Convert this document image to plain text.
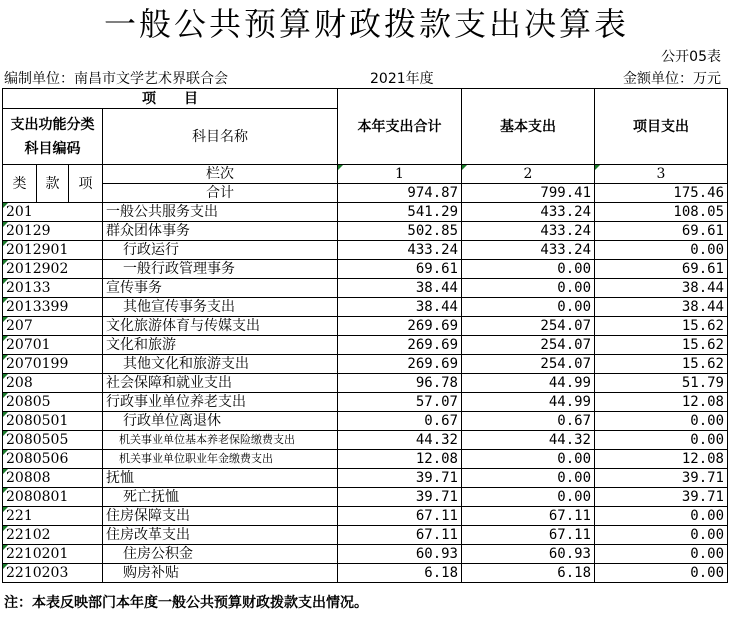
一般公共预算财政拨款支出决算表
公开05表
编制单位：南昌市文学艺术界联合会	2021年度	金额单位：万元
项　　目				本年支出合计	基本支出	项目支出
支出功能分类科目编码			科目名称			
类	款	项	栏次	1	2	3
			合计	974.87	799.41	175.46
201			一般公共服务支出	541.29	433.24	108.05
20129			群众团体事务	502.85	433.24	69.61
2012901			行政运行	433.24	433.24	0.00
2012902			一般行政管理事务	69.61	0.00	69.61
20133			宣传事务	38.44	0.00	38.44
2013399			其他宣传事务支出	38.44	0.00	38.44
207			文化旅游体育与传媒支出	269.69	254.07	15.62
20701			文化和旅游	269.69	254.07	15.62
2070199			其他文化和旅游支出	269.69	254.07	15.62
208			社会保障和就业支出	96.78	44.99	51.79
20805			行政事业单位养老支出	57.07	44.99	12.08
2080501			行政单位离退休	0.67	0.67	0.00
2080505			机关事业单位基本养老保险缴费支出	44.32	44.32	0.00
2080506			机关事业单位职业年金缴费支出	12.08	0.00	12.08
20808			抚恤	39.71	0.00	39.71
2080801			死亡抚恤	39.71	0.00	39.71
221			住房保障支出	67.11	67.11	0.00
22102			住房改革支出	67.11	67.11	0.00
2210201			住房公积金	60.93	60.93	0.00
2210203			购房补贴	6.18	6.18	0.00
注：本表反映部门本年度一般公共预算财政拨款支出情况。
